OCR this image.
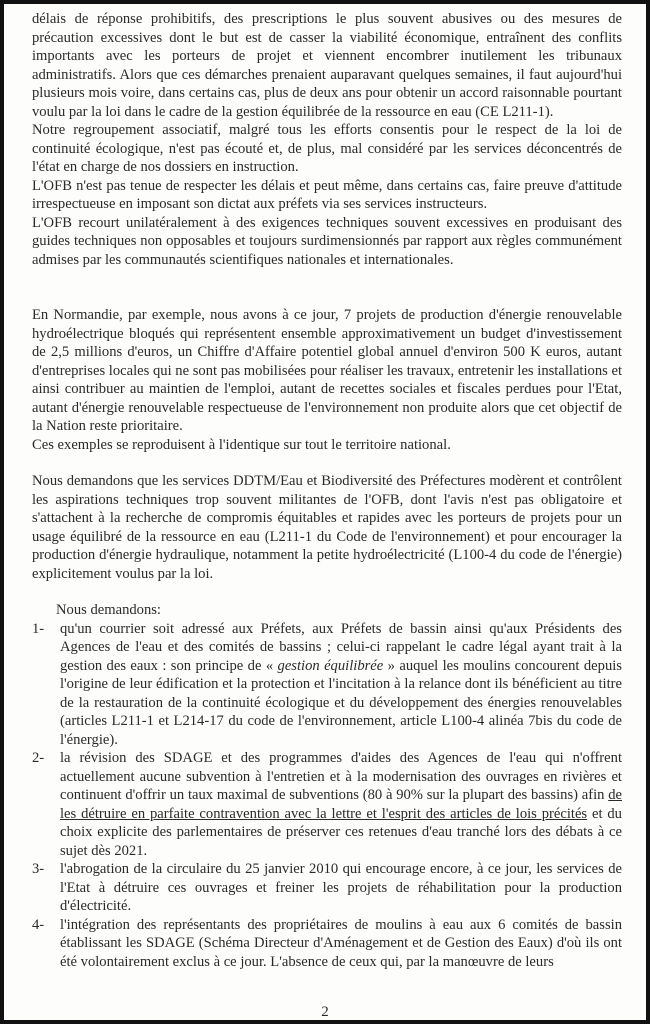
délais de réponse prohibitifs, des prescriptions le plus souvent abusives ou des mesures de précaution excessives dont le but est de casser la viabilité économique, entraînent des conflits importants avec les porteurs de projet et viennent encombrer inutilement les tribunaux administratifs. Alors que ces démarches prenaient auparavant quelques semaines, il faut aujourd'hui plusieurs mois voire, dans certains cas, plus de deux ans pour obtenir un accord raisonnable pourtant voulu par la loi dans le cadre de la gestion équilibrée de la ressource en eau (CE L211-1).

Notre regroupement associatif, malgré tous les efforts consentis pour le respect de la loi de continuité écologique, n'est pas écouté et, de plus, mal considéré par les services déconcentrés de l'état en charge de nos dossiers en instruction.

L'OFB n'est pas tenue de respecter les délais et peut même, dans certains cas, faire preuve d'attitude irrespectueuse en imposant son dictat aux préfets via ses services instructeurs.

L'OFB recourt unilatéralement à des exigences techniques souvent excessives en produisant des guides techniques non opposables et toujours surdimensionnés par rapport aux règles communément admises par les communautés scientifiques nationales et internationales.

En Normandie, par exemple, nous avons à ce jour, 7 projets de production d'énergie renouvelable hydroélectrique bloqués qui représentent ensemble approximativement un budget d'investissement de 2,5 millions d'euros, un Chiffre d'Affaire potentiel global annuel d'environ 500 K euros, autant d'entreprises locales qui ne sont pas mobilisées pour réaliser les travaux, entretenir les installations et ainsi contribuer au maintien de l'emploi, autant de recettes sociales et fiscales perdues pour l'Etat, autant d'énergie renouvelable respectueuse de l'environnement non produite alors que cet objectif de la Nation reste prioritaire.

Ces exemples se reproduisent à l'identique sur tout le territoire national.

Nous demandons que les services DDTM/Eau et Biodiversité des Préfectures modèrent et contrôlent les aspirations techniques trop souvent militantes de l'OFB, dont l'avis n'est pas obligatoire et s'attachent à la recherche de compromis équitables et rapides avec les porteurs de projets pour un usage équilibré de la ressource en eau (L211-1 du Code de l'environnement) et pour encourager la production d'énergie hydraulique, notamment la petite hydroélectricité (L100-4 du code de l'énergie) explicitement voulus par la loi.

Nous demandons:

1-	qu'un courrier soit adressé aux Préfets, aux Préfets de bassin ainsi qu'aux Présidents des Agences de l'eau et des comités de bassins ; celui-ci rappelant le cadre légal ayant trait à la gestion des eaux : son principe de « gestion équilibrée » auquel les moulins concourent depuis l'origine de leur édification et la protection et l'incitation à la relance dont ils bénéficient au titre de la restauration de la continuité écologique et du développement des énergies renouvelables (articles L211-1 et L214-17 du code de l'environnement, article L100-4 alinéa 7bis du code de l'énergie).
2-	la révision des SDAGE et des programmes d'aides des Agences de l'eau qui n'offrent actuellement aucune subvention à l'entretien et à la modernisation des ouvrages en rivières et continuent d'offrir un taux maximal de subventions (80 à 90% sur la plupart des bassins) afin de les détruire en parfaite contravention avec la lettre et l'esprit des articles de lois précités et du choix explicite des parlementaires de préserver ces retenues d'eau tranché lors des débats à ce sujet dès 2021.
3-	l'abrogation de la circulaire du 25 janvier 2010 qui encourage encore, à ce jour, les services de l'Etat à détruire ces ouvrages et freiner les projets de réhabilitation pour la production d'électricité.
4-	l'intégration des représentants des propriétaires de moulins à eau aux 6 comités de bassin établissant les SDAGE (Schéma Directeur d'Aménagement et de Gestion des Eaux) d'où ils ont été volontairement exclus à ce jour. L'absence de ceux qui, par la manœuvre de leurs
2
